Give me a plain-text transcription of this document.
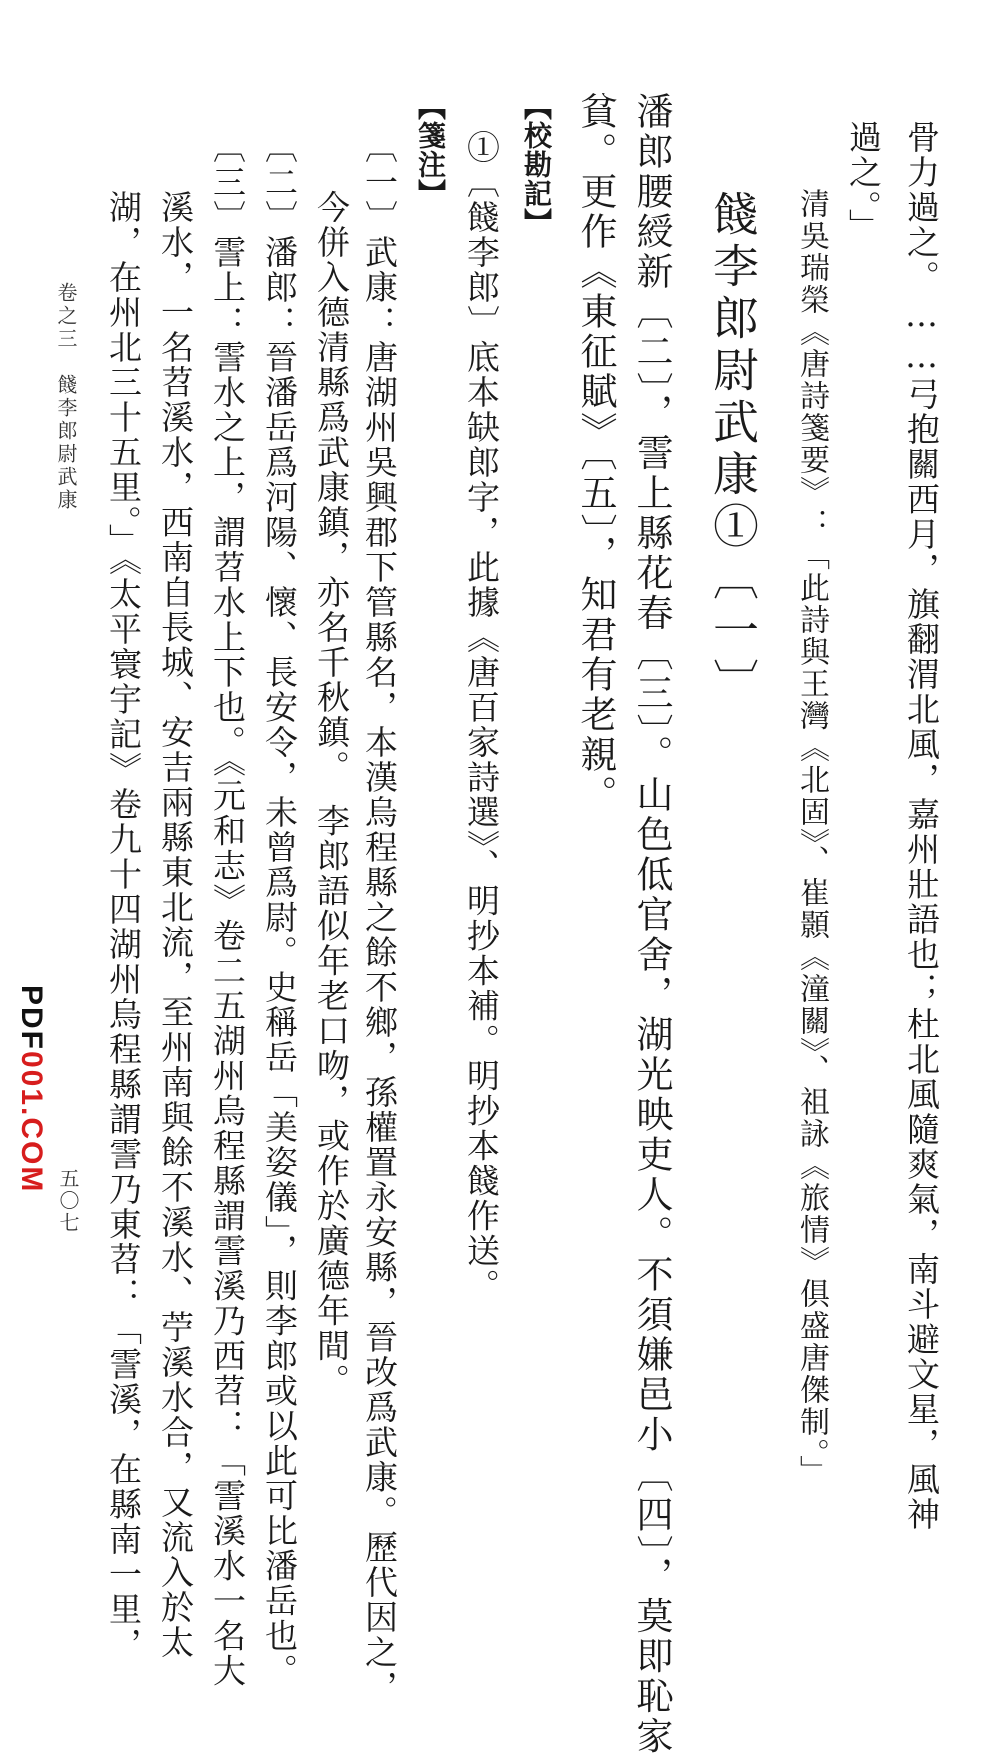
骨力過之。……弓抱關西月，旗翻渭北風，嘉州壯語也；杜北風隨爽氣，南斗避文星，風神
過之。」
清吳瑞榮《唐詩箋要》：「此詩與王灣《北固》、崔顥《潼關》、祖詠《旅情》俱盛唐傑制。」
餞李郎尉武康①〔一〕
潘郎腰綬新〔二〕，霅上縣花春〔三〕。山色低官舍，湖光映吏人。不須嫌邑小〔四〕，莫即恥家
貧。更作《東征賦》〔五〕，知君有老親。
【校勘記】
①〔餞李郎〕底本缺郎字，此據《唐百家詩選》、明抄本補。明抄本餞作送。
【箋注】
〔一〕武康：唐湖州吳興郡下管縣名，本漢烏程縣之餘不鄉，孫權置永安縣，晉改爲武康。歷代因之，
今併入德清縣爲武康鎮，亦名千秋鎮。　李郎語似年老口吻，或作於廣德年間。
〔二〕潘郎：晉潘岳爲河陽、懷、長安令，未曾爲尉。史稱岳「美姿儀」，則李郎或以此可比潘岳也。
〔三〕霅上：霅水之上，謂苕水上下也。《元和志》卷二五湖州烏程縣謂霅溪乃西苕：「霅溪水一名大
溪水，一名苕溪水，西南自長城、安吉兩縣東北流，至州南與餘不溪水、苧溪水合，又流入於太
湖，在州北三十五里。」《太平寰宇記》卷九十四湖州烏程縣謂霅乃東苕：「霅溪，在縣南一里，
卷之三　餞李郎尉武康
五〇七
PDF001.COM
